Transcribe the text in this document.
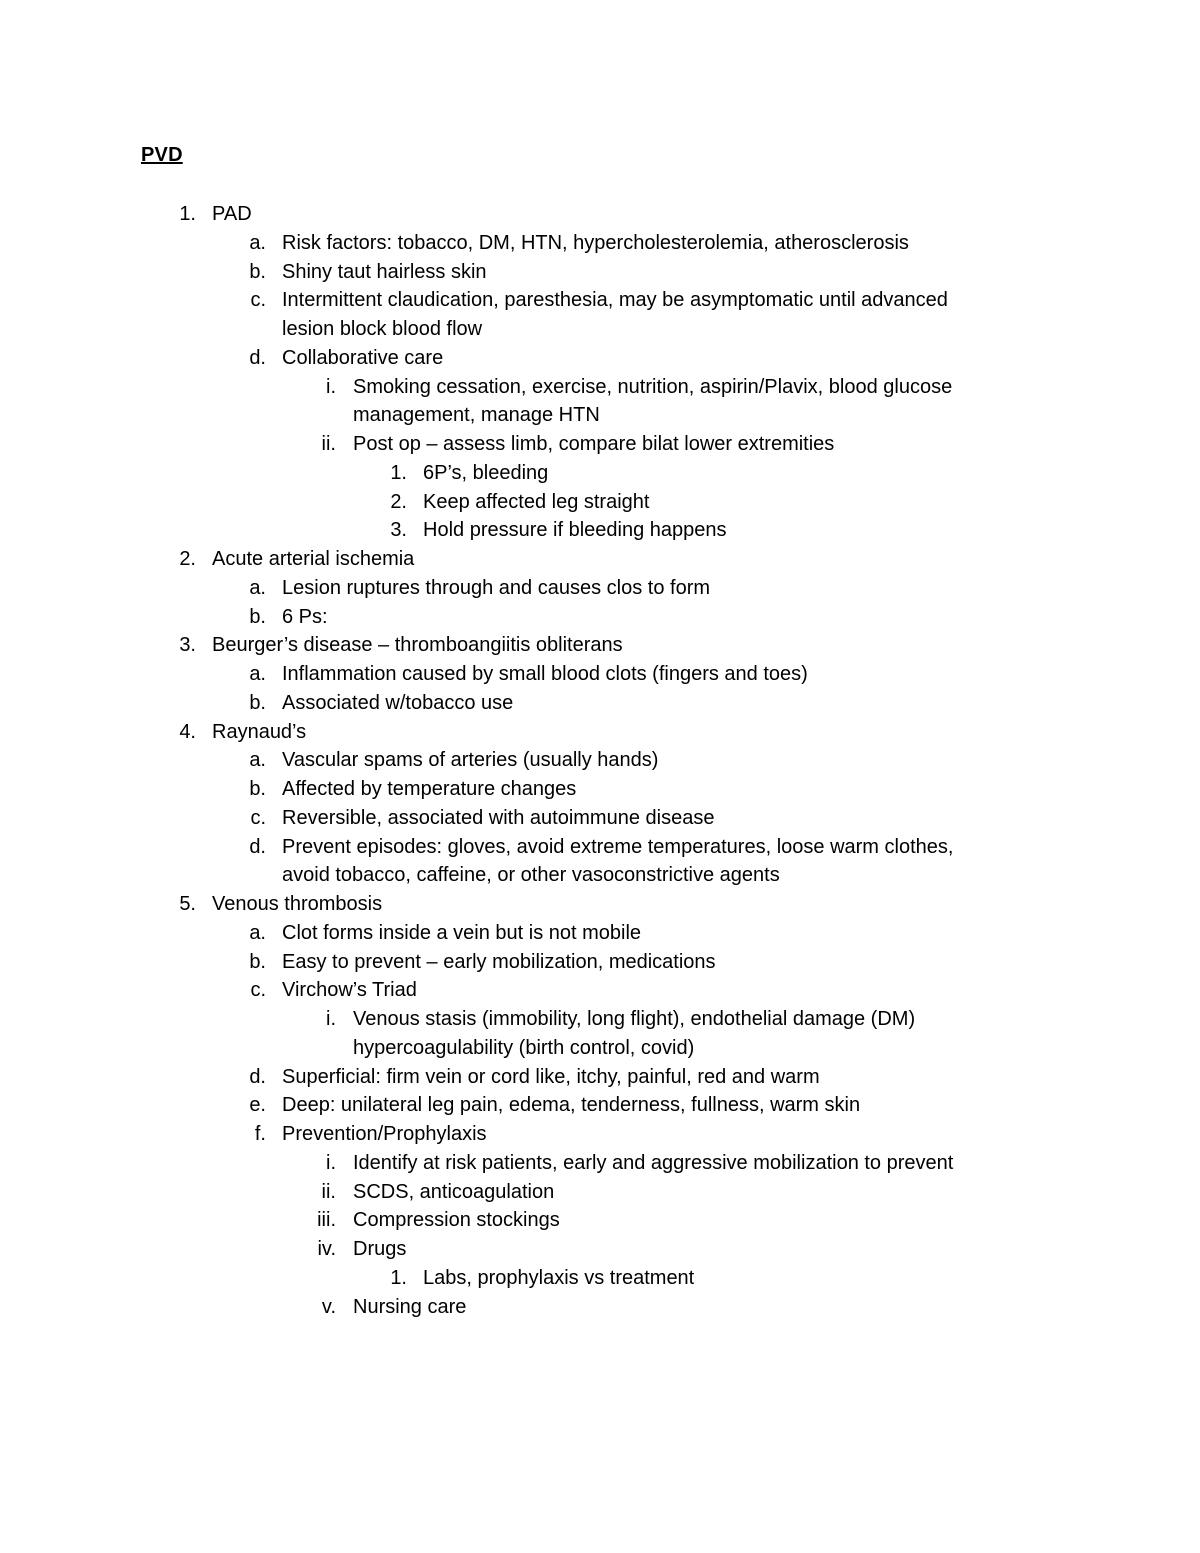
PVD
1. PAD
a. Risk factors: tobacco, DM, HTN, hypercholesterolemia, atherosclerosis
b. Shiny taut hairless skin
c. Intermittent claudication, paresthesia, may be asymptomatic until advanced
lesion block blood flow
d. Collaborative care
i. Smoking cessation, exercise, nutrition, aspirin/Plavix, blood glucose
management, manage HTN
ii. Post op – assess limb, compare bilat lower extremities
1. 6P’s, bleeding
2. Keep affected leg straight
3. Hold pressure if bleeding happens
2. Acute arterial ischemia
a. Lesion ruptures through and causes clos to form
b. 6 Ps:
3. Beurger’s disease – thromboangiitis obliterans
a. Inflammation caused by small blood clots (fingers and toes)
b. Associated w/tobacco use
4. Raynaud’s
a. Vascular spams of arteries (usually hands)
b. Affected by temperature changes
c. Reversible, associated with autoimmune disease
d. Prevent episodes: gloves, avoid extreme temperatures, loose warm clothes,
avoid tobacco, caffeine, or other vasoconstrictive agents
5. Venous thrombosis
a. Clot forms inside a vein but is not mobile
b. Easy to prevent – early mobilization, medications
c. Virchow’s Triad
i. Venous stasis (immobility, long flight), endothelial damage (DM)
hypercoagulability (birth control, covid)
d. Superficial: firm vein or cord like, itchy, painful, red and warm
e. Deep: unilateral leg pain, edema, tenderness, fullness, warm skin
f. Prevention/Prophylaxis
i. Identify at risk patients, early and aggressive mobilization to prevent
ii. SCDS, anticoagulation
iii. Compression stockings
iv. Drugs
1. Labs, prophylaxis vs treatment
v. Nursing care
